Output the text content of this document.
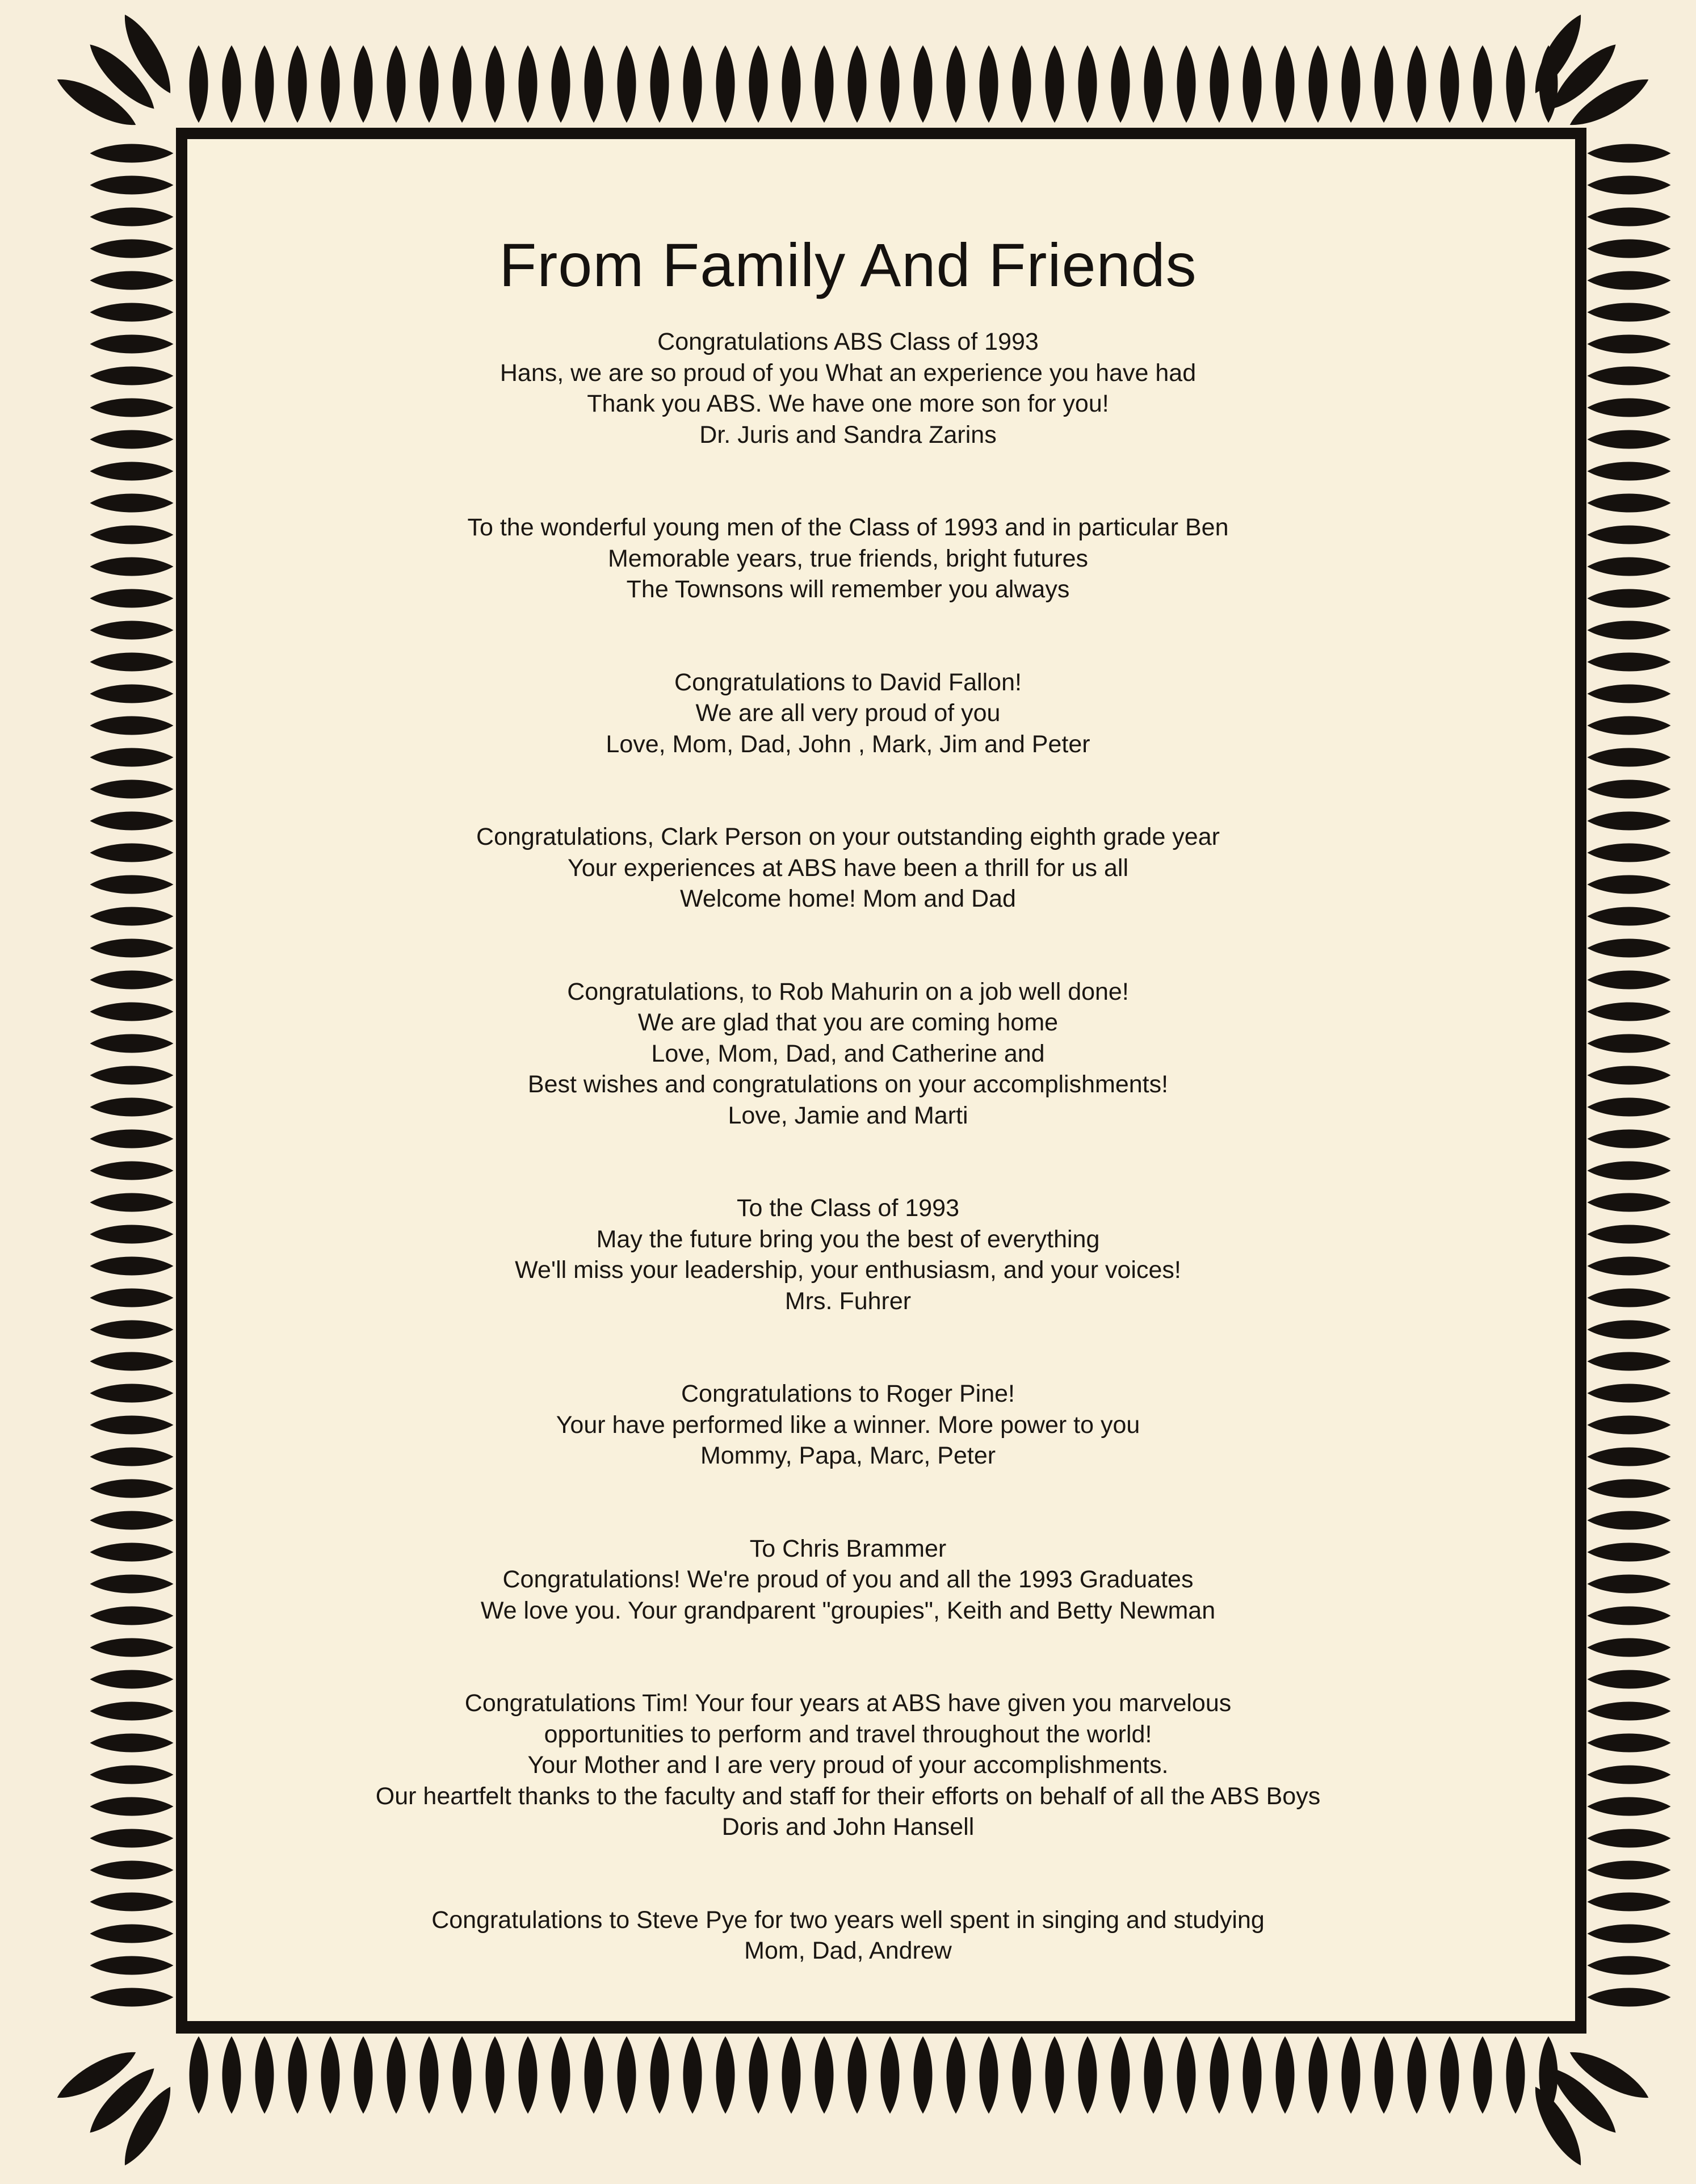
From Family And Friends
Congratulations ABS Class of 1993
Hans, we are so proud of you What an experience you have had
Thank you ABS. We have one more son for you!
Dr. Juris and Sandra Zarins
To the wonderful young men of the Class of 1993 and in particular Ben
Memorable years, true friends, bright futures
The Townsons will remember you always
Congratulations to David Fallon!
We are all very proud of you
Love, Mom, Dad, John , Mark, Jim and Peter
Congratulations, Clark Person on your outstanding eighth grade year
Your experiences at ABS have been a thrill for us all
Welcome home! Mom and Dad
Congratulations, to Rob Mahurin on a job well done!
We are glad that you are coming home
Love, Mom, Dad, and Catherine and
Best wishes and congratulations on your accomplishments!
Love, Jamie and Marti
To the Class of 1993
May the future bring you the best of everything
We'll miss your leadership, your enthusiasm, and your voices!
Mrs. Fuhrer
Congratulations to Roger Pine!
Your have performed like a winner. More power to you
Mommy, Papa, Marc, Peter
To Chris Brammer
Congratulations! We're proud of you and all the 1993 Graduates
We love you. Your grandparent "groupies", Keith and Betty Newman
Congratulations Tim! Your four years at ABS have given you marvelous
opportunities to perform and travel throughout the world!
Your Mother and I are very proud of your accomplishments.
Our heartfelt thanks to the faculty and staff for their efforts on behalf of all the ABS Boys
Doris and John Hansell
Congratulations to Steve Pye for two years well spent in singing and studying
Mom, Dad, Andrew
